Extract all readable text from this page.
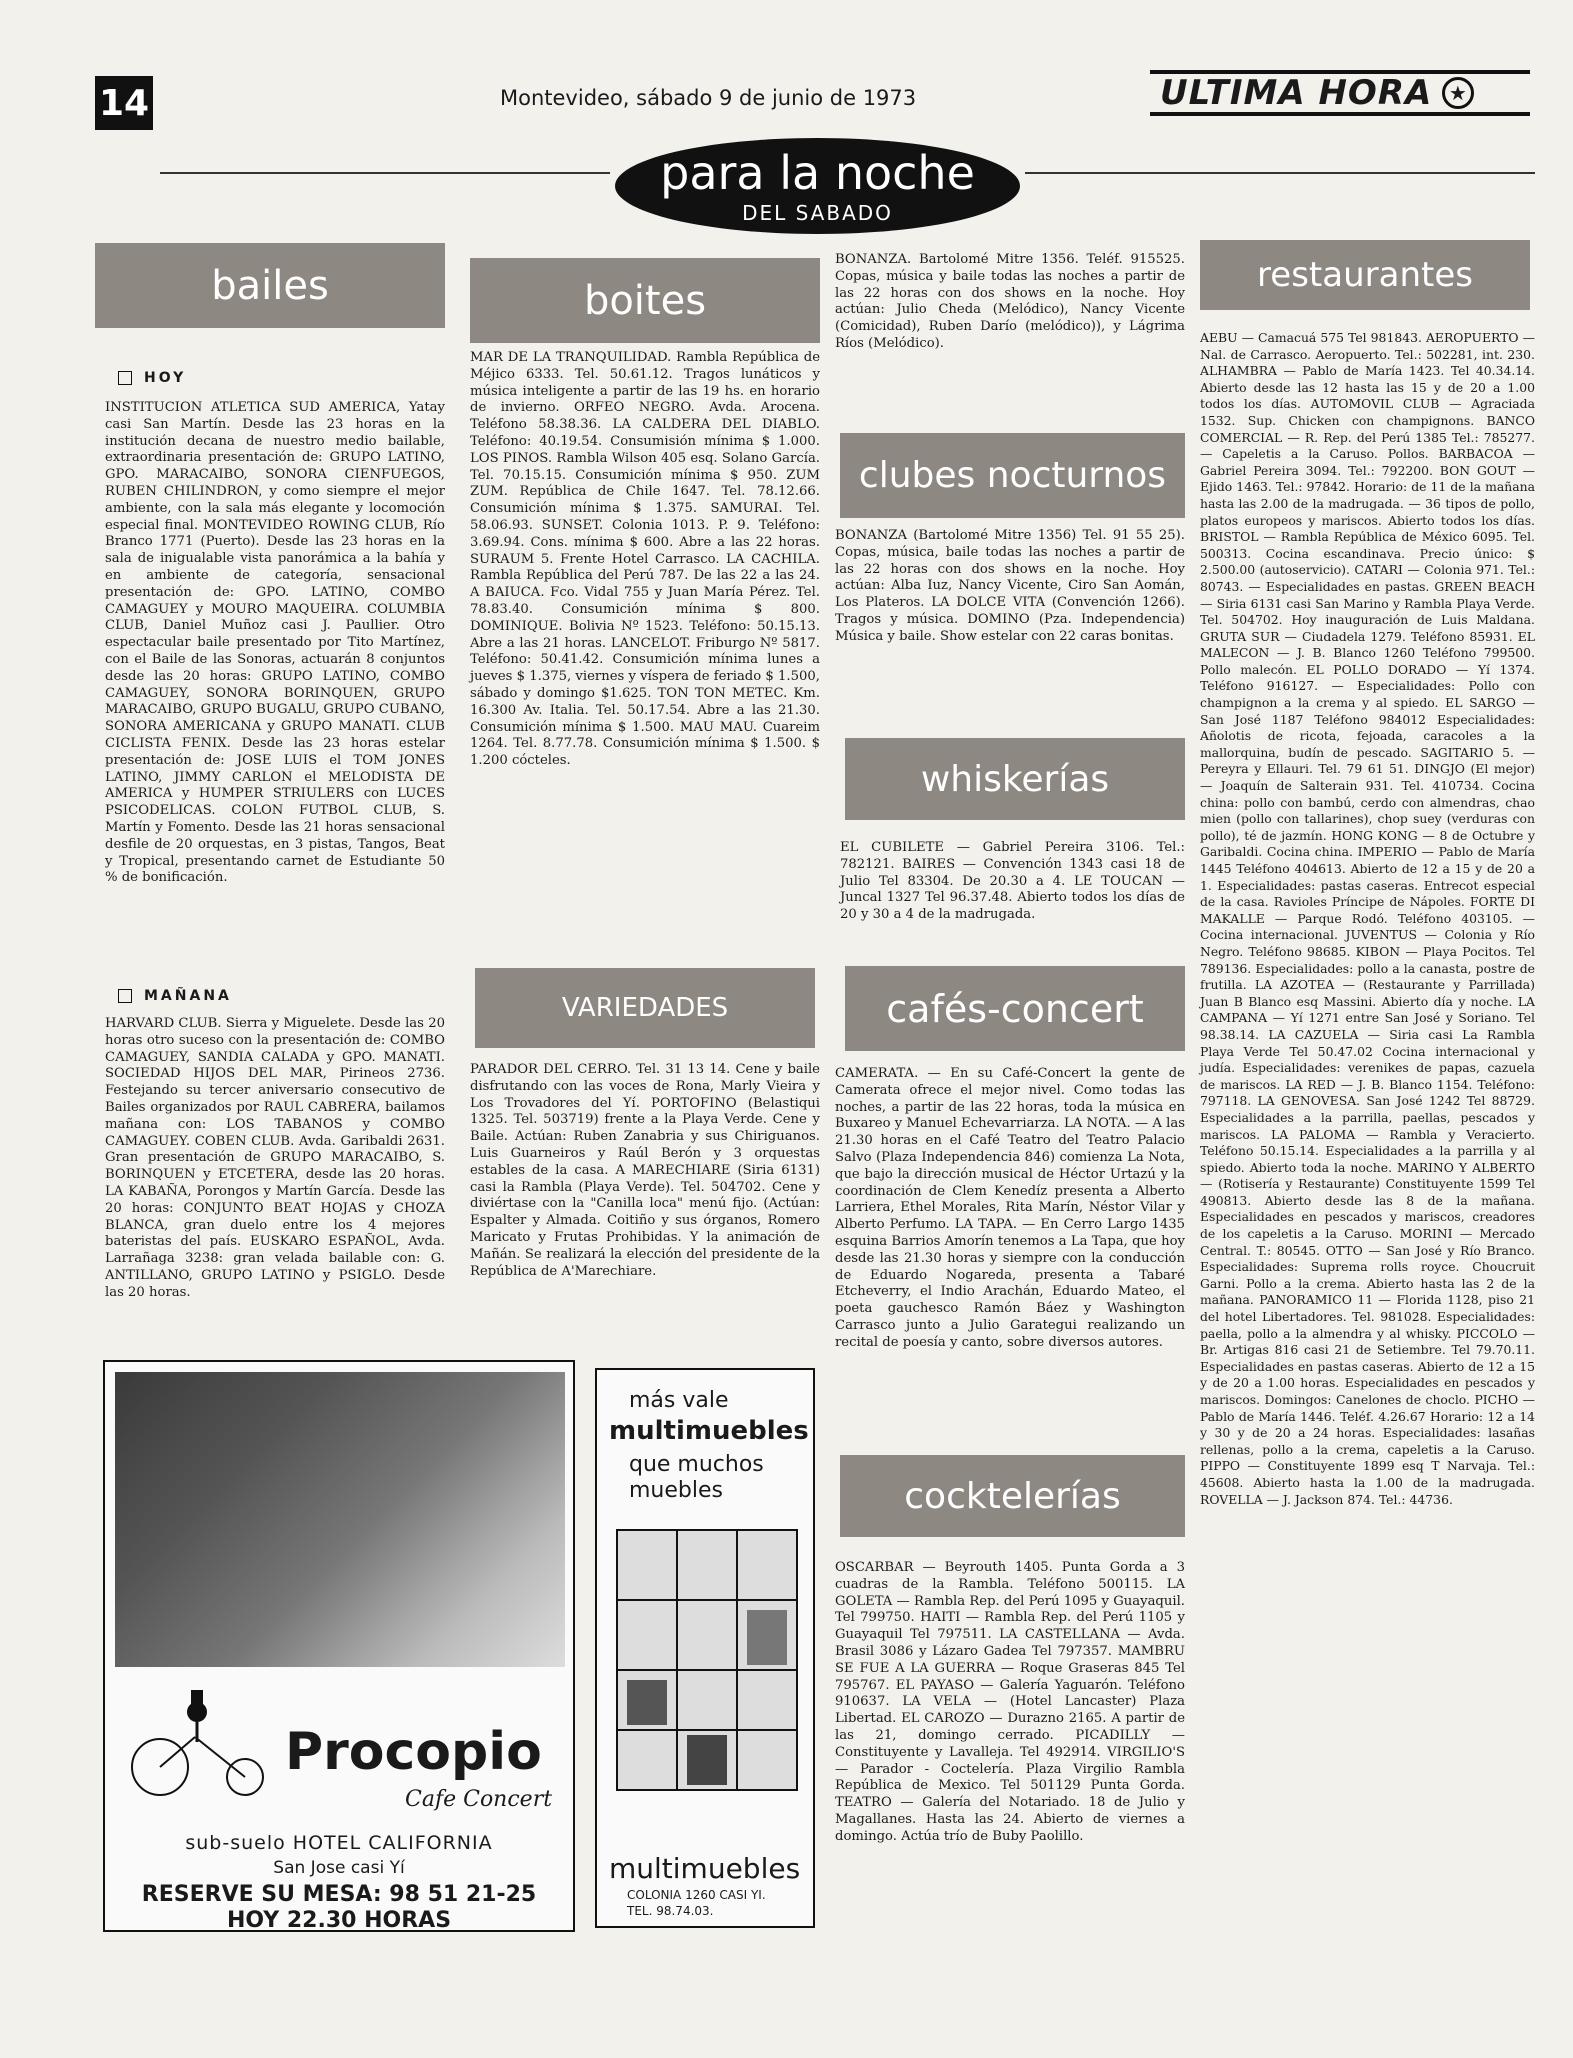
14	Montevideo, sábado 9 de junio de 1973	ULTIMA HORA ★
para la noche
DEL SABADO
bailes
HOY

INSTITUCION ATLETICA SUD AMERICA, Yatay casi San Martín. Desde las 23 horas en la institución decana de nuestro medio bailable, extraordinaria presentación de: GRUPO LATINO, GPO. MARACAIBO, SONORA CIENFUEGOS, RUBEN CHILINDRON, y como siempre el mejor ambiente, con la sala más elegante y locomoción especial final. MONTEVIDEO ROWING CLUB, Río Branco 1771 (Puerto). Desde las 23 horas en la sala de inigualable vista panorámica a la bahía y en ambiente de categoría, sensacional presentación de: GPO. LATINO, COMBO CAMAGUEY y MOURO MAQUEIRA. COLUMBIA CLUB, Daniel Muñoz casi J. Paullier. Otro espectacular baile presentado por Tito Martínez, con el Baile de las Sonoras, actuarán 8 conjuntos desde las 20 horas: GRUPO LATINO, COMBO CAMAGUEY, SONORA BORINQUEN, GRUPO MARACAIBO, GRUPO BUGALU, GRUPO CUBANO, SONORA AMERICANA y GRUPO MANATI. CLUB CICLISTA FENIX. Desde las 23 horas estelar presentación de: JOSE LUIS el TOM JONES LATINO, JIMMY CARLON el MELODISTA DE AMERICA y HUMPER STRIULERS con LUCES PSICODELICAS. COLON FUTBOL CLUB, S. Martín y Fomento. Desde las 21 horas sensacional desfile de 20 orquestas, en 3 pistas, Tangos, Beat y Tropical, presentando carnet de Estudiante 50 % de bonificación.

MAÑANA

HARVARD CLUB. Sierra y Miguelete. Desde las 20 horas otro suceso con la presentación de: COMBO CAMAGUEY, SANDIA CALADA y GPO. MANATI. SOCIEDAD HIJOS DEL MAR, Pirineos 2736. Festejando su tercer aniversario consecutivo de Bailes organizados por RAUL CABRERA, bailamos mañana con: LOS TABANOS y COMBO CAMAGUEY. COBEN CLUB. Avda. Garibaldi 2631. Gran presentación de GRUPO MARACAIBO, S. BORINQUEN y ETCETERA, desde las 20 horas. LA KABAÑA, Porongos y Martín García. Desde las 20 horas: CONJUNTO BEAT HOJAS y CHOZA BLANCA, gran duelo entre los 4 mejores bateristas del país. EUSKARO ESPAÑOL, Avda. Larrañaga 3238: gran velada bailable con: G. ANTILLANO, GRUPO LATINO y PSIGLO. Desde las 20 horas.

boites

MAR DE LA TRANQUILIDAD. Rambla República de Méjico 6333. Tel. 50.61.12. Tragos lunáticos y música inteligente a partir de las 19 hs. en horario de invierno. ORFEO NEGRO. Avda. Arocena. Teléfono 58.38.36. LA CALDERA DEL DIABLO. Teléfono: 40.19.54. Consumisión mínima $ 1.000. LOS PINOS. Rambla Wilson 405 esq. Solano García. Tel. 70.15.15. Consumición mínima $ 950. ZUM ZUM. República de Chile 1647. Tel. 78.12.66. Consumición mínima $ 1.375. SAMURAI. Tel. 58.06.93. SUNSET. Colonia 1013. P. 9. Teléfono: 3.69.94. Cons. mínima $ 600. Abre a las 22 horas. SURAUM 5. Frente Hotel Carrasco. LA CACHILA. Rambla República del Perú 787. De las 22 a las 24. A BAIUCA. Fco. Vidal 755 y Juan María Pérez. Tel. 78.83.40. Consumición mínima $ 800. DOMINIQUE. Bolivia Nº 1523. Teléfono: 50.15.13. Abre a las 21 horas. LANCELOT. Friburgo Nº 5817. Teléfono: 50.41.42. Consumición mínima lunes a jueves $ 1.375, viernes y víspera de feriado $ 1.500, sábado y domingo $1.625. TON TON METEC. Km. 16.300 Av. Italia. Tel. 50.17.54. Abre a las 21.30. Consumición mínima $ 1.500. MAU MAU. Cuareim 1264. Tel. 8.77.78. Consumición mínima $ 1.500. $ 1.200 cócteles.

VARIEDADES

PARADOR DEL CERRO. Tel. 31 13 14. Cene y baile disfrutando con las voces de Rona, Marly Vieira y Los Trovadores del Yí. PORTOFINO (Belastiqui 1325. Tel. 503719) frente a la Playa Verde. Cene y Baile. Actúan: Ruben Zanabria y sus Chiriguanos. Luis Guarneiros y Raúl Berón y 3 orquestas estables de la casa. A MARECHIARE (Siria 6131) casi la Rambla (Playa Verde). Tel. 504702. Cene y diviértase con la "Canilla loca" menú fijo. (Actúan: Espalter y Almada. Coitiño y sus órganos, Romero Maricato y Frutas Prohibidas. Y la animación de Mañán. Se realizará la elección del presidente de la República de A'Marechiare.

BONANZA. Bartolomé Mitre 1356. Teléf. 915525. Copas, música y baile todas las noches a partir de las 22 horas con dos shows en la noche. Hoy actúan: Julio Cheda (Melódico), Nancy Vicente (Comicidad), Ruben Darío (melódico)), y Lágrima Ríos (Melódico).

clubes nocturnos

BONANZA (Bartolomé Mitre 1356) Tel. 91 55 25). Copas, música, baile todas las noches a partir de las 22 horas con dos shows en la noche. Hoy actúan: Alba Iuz, Nancy Vicente, Ciro San Aomán, Los Plateros. LA DOLCE VITA (Convención 1266). Tragos y música. DOMINO (Pza. Independencia) Música y baile. Show estelar con 22 caras bonitas.

whiskerías

EL CUBILETE — Gabriel Pereira 3106. Tel.: 782121. BAIRES — Convención 1343 casi 18 de Julio Tel 83304. De 20.30 a 4. LE TOUCAN — Juncal 1327 Tel 96.37.48. Abierto todos los días de 20 y 30 a 4 de la madrugada.

cafés-concert

CAMERATA. — En su Café-Concert la gente de Camerata ofrece el mejor nivel. Como todas las noches, a partir de las 22 horas, toda la música en Buxareo y Manuel Echevarriarza. LA NOTA. — A las 21.30 horas en el Café Teatro del Teatro Palacio Salvo (Plaza Independencia 846) comienza La Nota, que bajo la dirección musical de Héctor Urtazú y la coordinación de Clem Kenedíz presenta a Alberto Larriera, Ethel Morales, Rita Marín, Néstor Vilar y Alberto Perfumo. LA TAPA. — En Cerro Largo 1435 esquina Barrios Amorín tenemos a La Tapa, que hoy desde las 21.30 horas y siempre con la conducción de Eduardo Nogareda, presenta a Tabaré Etcheverry, el Indio Arachán, Eduardo Mateo, el poeta gauchesco Ramón Báez y Washington Carrasco junto a Julio Garategui realizando un recital de poesía y canto, sobre diversos autores.

cocktelerías

OSCARBAR — Beyrouth 1405. Punta Gorda a 3 cuadras de la Rambla. Teléfono 500115. LA GOLETA — Rambla Rep. del Perú 1095 y Guayaquil. Tel 799750. HAITI — Rambla Rep. del Perú 1105 y Guayaquil Tel 797511. LA CASTELLANA — Avda. Brasil 3086 y Lázaro Gadea Tel 797357. MAMBRU SE FUE A LA GUERRA — Roque Graseras 845 Tel 795767. EL PAYASO — Galería Yaguarón. Teléfono 910637. LA VELA — (Hotel Lancaster) Plaza Libertad. EL CAROZO — Durazno 2165. A partir de las 21, domingo cerrado. PICADILLY — Constituyente y Lavalleja. Tel 492914. VIRGILIO'S — Parador - Coctelería. Plaza Virgilio Rambla República de Mexico. Tel 501129 Punta Gorda. TEATRO — Galería del Notariado. 18 de Julio y Magallanes. Hasta las 24. Abierto de viernes a domingo. Actúa trío de Buby Paolillo.

restaurantes

AEBU — Camacuá 575 Tel 981843. AEROPUERTO — Nal. de Carrasco. Aeropuerto. Tel.: 502281, int. 230. ALHAMBRA — Pablo de María 1423. Tel 40.34.14. Abierto desde las 12 hasta las 15 y de 20 a 1.00 todos los días. AUTOMOVIL CLUB — Agraciada 1532. Sup. Chicken con champignons. BANCO COMERCIAL — R. Rep. del Perú 1385 Tel.: 785277. — Capeletis a la Caruso. Pollos. BARBACOA — Gabriel Pereira 3094. Tel.: 792200. BON GOUT — Ejido 1463. Tel.: 97842. Horario: de 11 de la mañana hasta las 2.00 de la madrugada. — 36 tipos de pollo, platos europeos y mariscos. Abierto todos los días. BRISTOL — Rambla República de México 6095. Tel. 500313. Cocina escandinava. Precio único: $ 2.500.00 (autoservicio). CATARI — Colonia 971. Tel.: 80743. — Especialidades en pastas. GREEN BEACH — Siria 6131 casi San Marino y Rambla Playa Verde. Tel. 504702. Hoy inauguración de Luis Maldana. GRUTA SUR — Ciudadela 1279. Teléfono 85931. EL MALECON — J. B. Blanco 1260 Teléfono 799500. Pollo malecón. EL POLLO DORADO — Yí 1374. Teléfono 916127. — Especialidades: Pollo con champignon a la crema y al spiedo. EL SARGO — San José 1187 Teléfono 984012 Especialidades: Añolotis de ricota, fejoada, caracoles a la mallorquina, budín de pescado. SAGITARIO 5. — Pereyra y Ellauri. Tel. 79 61 51. DINGJO (El mejor) — Joaquín de Salterain 931. Tel. 410734. Cocina china: pollo con bambú, cerdo con almendras, chao mien (pollo con tallarines), chop suey (verduras con pollo), té de jazmín. HONG KONG — 8 de Octubre y Garibaldi. Cocina china. IMPERIO — Pablo de María 1445 Teléfono 404613. Abierto de 12 a 15 y de 20 a 1. Especialidades: pastas caseras. Entrecot especial de la casa. Ravioles Príncipe de Nápoles. FORTE DI MAKALLE — Parque Rodó. Teléfono 403105. — Cocina internacional. JUVENTUS — Colonia y Río Negro. Teléfono 98685. KIBON — Playa Pocitos. Tel 789136. Especialidades: pollo a la canasta, postre de frutilla. LA AZOTEA — (Restaurante y Parrillada) Juan B Blanco esq Massini. Abierto día y noche. LA CAMPANA — Yí 1271 entre San José y Soriano. Tel 98.38.14. LA CAZUELA — Siria casi La Rambla Playa Verde Tel 50.47.02 Cocina internacional y judía. Especialidades: verenikes de papas, cazuela de mariscos. LA RED — J. B. Blanco 1154. Teléfono: 797118. LA GENOVESA. San José 1242 Tel 88729. Especialidades a la parrilla, paellas, pescados y mariscos. LA PALOMA — Rambla y Veracierto. Teléfono 50.15.14. Especialidades a la parrilla y al spiedo. Abierto toda la noche. MARINO Y ALBERTO — (Rotisería y Restaurante) Constituyente 1599 Tel 490813. Abierto desde las 8 de la mañana. Especialidades en pescados y mariscos, creadores de los capeletis a la Caruso. MORINI — Mercado Central. T.: 80545. OTTO — San José y Río Branco. Especialidades: Suprema rolls royce. Choucruit Garni. Pollo a la crema. Abierto hasta las 2 de la mañana. PANORAMICO 11 — Florida 1128, piso 21 del hotel Libertadores. Tel. 981028. Especialidades: paella, pollo a la almendra y al whisky. PICCOLO — Br. Artigas 816 casi 21 de Setiembre. Tel 79.70.11. Especialidades en pastas caseras. Abierto de 12 a 15 y de 20 a 1.00 horas. Especialidades en pescados y mariscos. Domingos: Canelones de choclo. PICHO — Pablo de María 1446. Teléf. 4.26.67 Horario: 12 a 14 y 30 y de 20 a 24 horas. Especialidades: lasañas rellenas, pollo a la crema, capeletis a la Caruso. PIPPO — Constituyente 1899 esq T Narvaja. Tel.: 45608. Abierto hasta la 1.00 de la madrugada. ROVELLA — J. Jackson 874. Tel.: 44736.

Procopio
Cafe Concert
sub-suelo HOTEL CALIFORNIA
San Jose casi Yí
RESERVE SU MESA: 98 51 21-25
HOY 22.30 HORAS
más vale
multimuebles
que muchos
muebles
multimuebles
COLONIA 1260 CASI YI.
TEL. 98.74.03.
